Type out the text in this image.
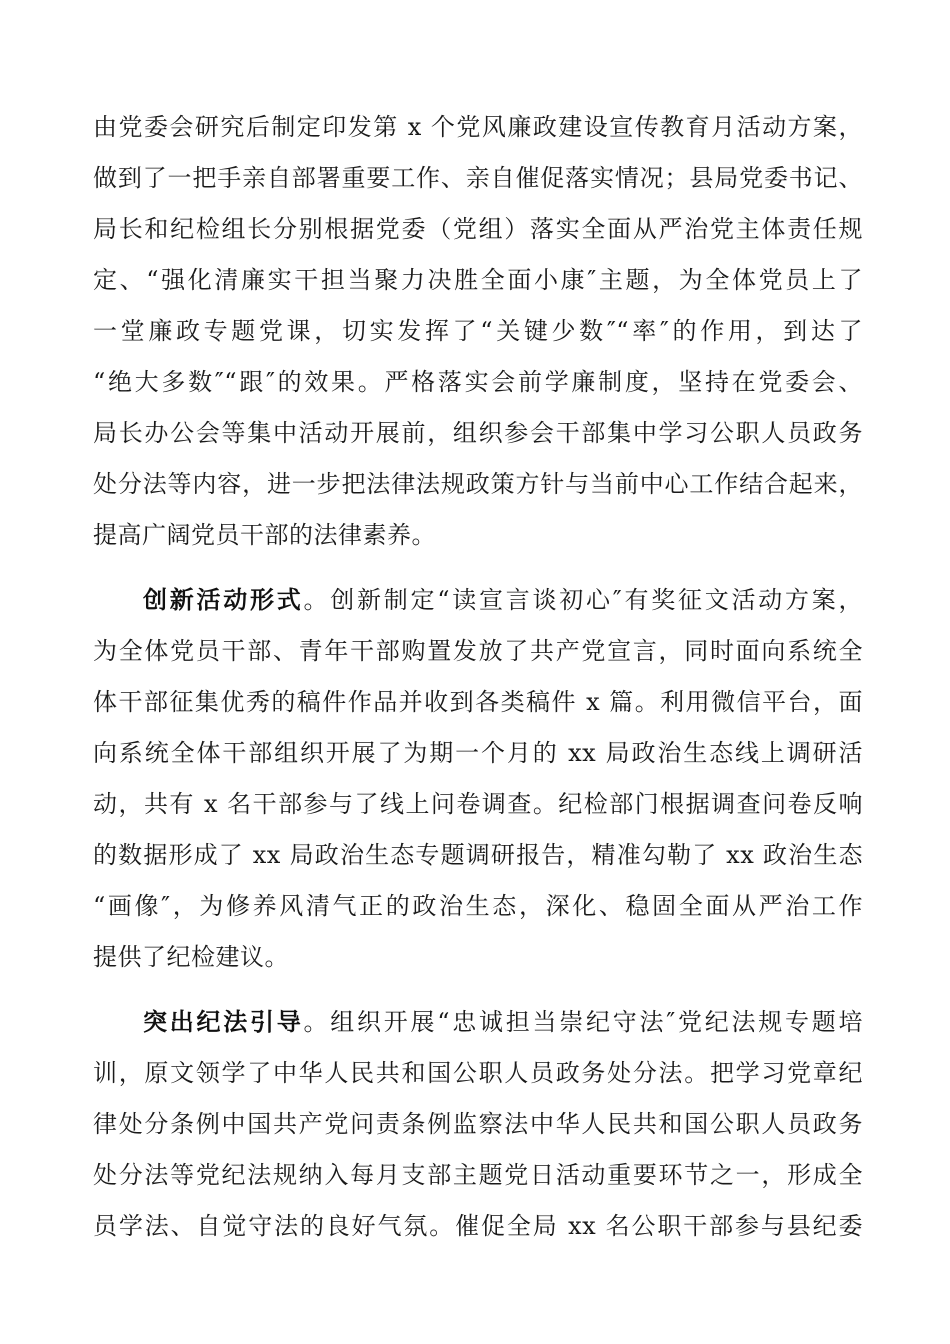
由党委会研究后制定印发第 x 个党风廉政建设宣传教育月活动方案，
做到了一把手亲自部署重要工作、亲自催促落实情况；县局党委书记、
局长和纪检组长分别根据党委（党组）落实全面从严治党主体责任规
定、“强化清廉实干担当聚力决胜全面小康″主题，为全体党员上了
一堂廉政专题党课，切实发挥了“关键少数″“率″的作用，到达了
“绝大多数″“跟″的效果。严格落实会前学廉制度，坚持在党委会、
局长办公会等集中活动开展前，组织参会干部集中学习公职人员政务
处分法等内容，进一步把法律法规政策方针与当前中心工作结合起来，
提高广阔党员干部的法律素养。
创新活动形式。创新制定“读宣言谈初心″有奖征文活动方案，
为全体党员干部、青年干部购置发放了共产党宣言，同时面向系统全
体干部征集优秀的稿件作品并收到各类稿件 x 篇。利用微信平台，面
向系统全体干部组织开展了为期一个月的 xx 局政治生态线上调研活
动，共有 x 名干部参与了线上问卷调查。纪检部门根据调查问卷反响
的数据形成了 xx 局政治生态专题调研报告，精准勾勒了 xx 政治生态
“画像″，为修养风清气正的政治生态，深化、稳固全面从严治工作
提供了纪检建议。
突出纪法引导。组织开展“忠诚担当崇纪守法″党纪法规专题培
训，原文领学了中华人民共和国公职人员政务处分法。把学习党章纪
律处分条例中国共产党问责条例监察法中华人民共和国公职人员政务
处分法等党纪法规纳入每月支部主题党日活动重要环节之一，形成全
员学法、自觉守法的良好气氛。催促全局 xx 名公职干部参与县纪委
